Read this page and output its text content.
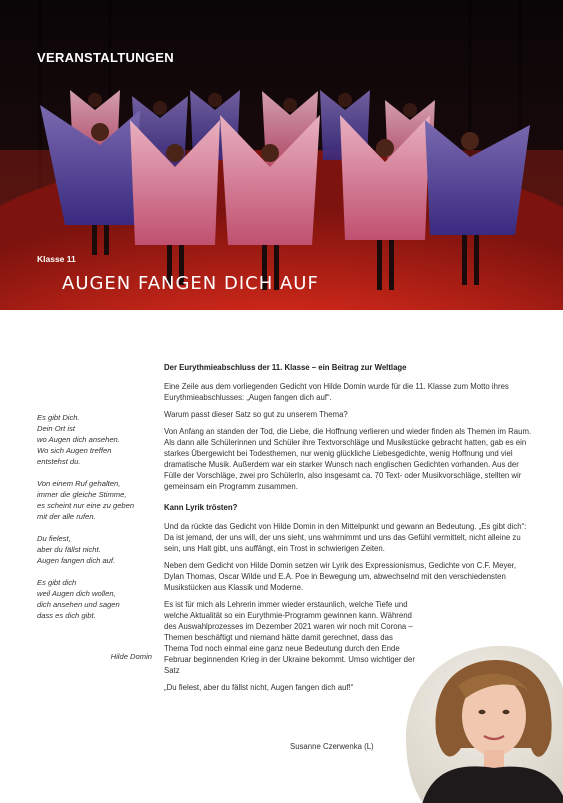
VERANSTALTUNGEN
Klasse 11
AUGEN FANGEN DICH AUF
Es gibt Dich.
Dein Ort ist
wo Augen dich ansehen.
Wo sich Augen treffen
entstehst du.
Von einem Ruf gehalten,
immer die gleiche Stimme,
es scheint nur eine zu geben
mit der alle rufen.
Du fielest,
aber du fällst nicht.
Augen fangen dich auf.
Es gibt dich
weil Augen dich wollen,
dich ansehen und sagen
dass es dich gibt.
Hilde Domin

Der Eurythmieabschluss der 11. Klasse – ein Beitrag zur Weltlage

Eine Zeile aus dem vorliegenden Gedicht von Hilde Domin wurde für die 11. Klasse zum Motto ihres Eurythmieabschlusses: „Augen fangen dich auf“.

Warum passt dieser Satz so gut zu unserem Thema?

Von Anfang an standen der Tod, die Liebe, die Hoffnung verlieren und wieder finden als Themen im Raum. Als dann alle Schülerinnen und Schüler ihre Textvorschläge und Musikstücke gebracht hatten, gab es ein starkes Übergewicht bei Todesthemen, nur wenig glückliche Liebesgedichte, wenig Hoffnung und viel dramatische Musik. Außerdem war ein starker Wunsch nach englischen Gedichten vorhanden. Aus der Fülle der Vorschläge, zwei pro SchülerIn, also insgesamt ca. 70 Text- oder Musikvorschläge, stellten wir gemeinsam ein Programm zusammen.

Kann Lyrik trösten?

Und da rückte das Gedicht von Hilde Domin in den Mittelpunkt und gewann an Bedeutung. „Es gibt dich“: Da ist jemand, der uns will, der uns sieht, uns wahrnimmt und uns das Gefühl vermittelt, nicht alleine zu sein, uns Halt gibt, uns auffängt, ein Trost in schwierigen Zeiten.

Neben dem Gedicht von Hilde Domin setzen wir Lyrik des Expressionismus, Gedichte von C.F. Meyer, Dylan Thomas, Oscar Wilde und E.A. Poe in Bewegung um, abwechselnd mit den verschiedensten Musikstücken aus Klassik und Moderne.

Es ist für mich als Lehrerin immer wieder erstaunlich, welche Tiefe und welche Aktualität so ein Eurythmie-Programm gewinnen kann. Während des Auswahlprozesses im Dezember 2021 waren wir noch mit Corona – Themen beschäftigt und niemand hätte damit gerechnet, dass das Thema Tod noch einmal eine ganz neue Bedeutung durch den Ende Februar beginnenden Krieg in der Ukraine bekommt. Umso wichtiger der Satz

„Du fielest, aber du fällst nicht, Augen fangen dich auf!“

Susanne Czerwenka (L)
